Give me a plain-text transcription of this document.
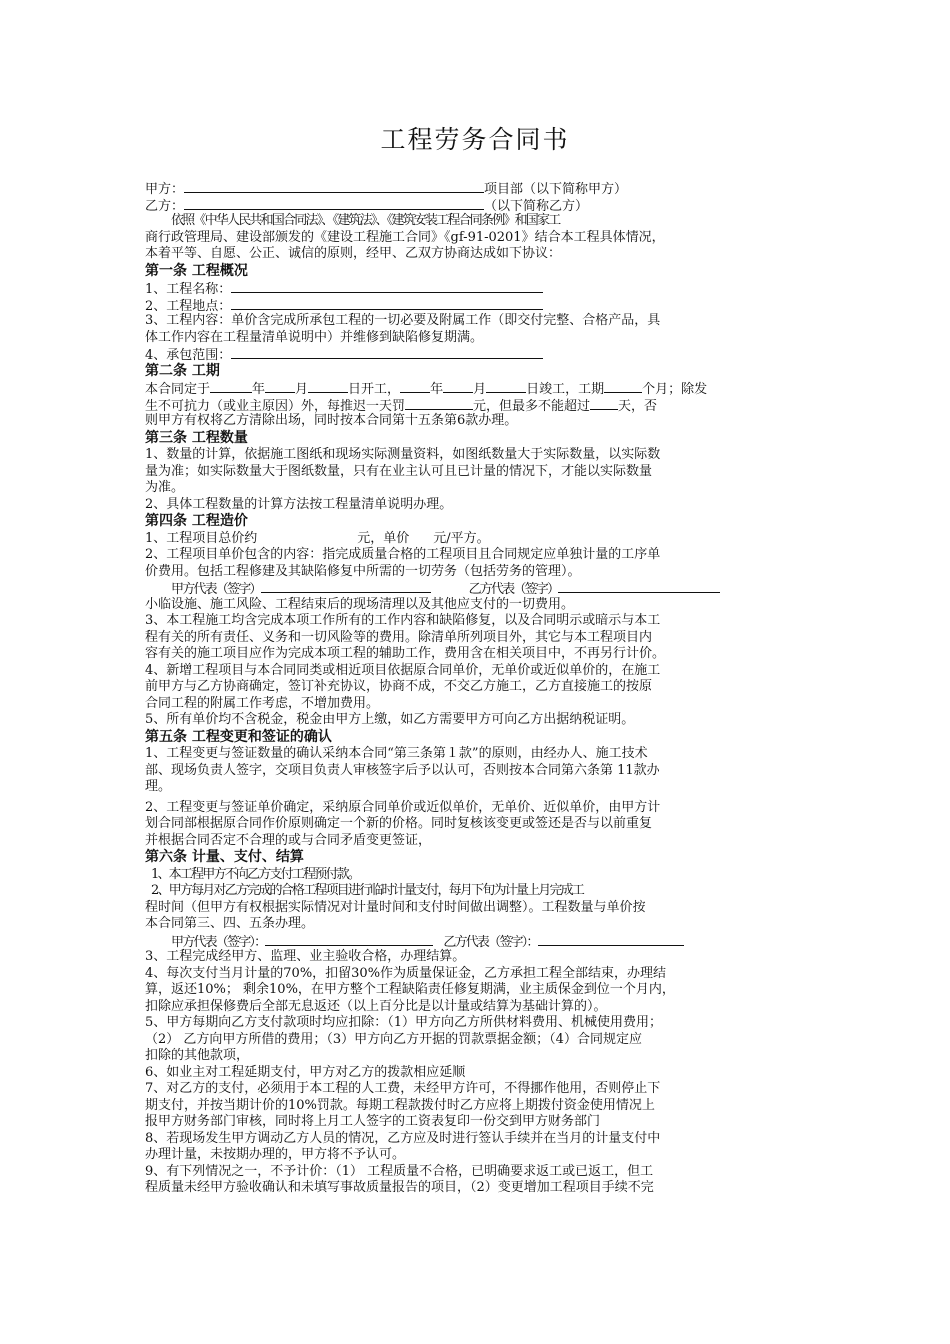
工程劳务合同书
甲方：	项目部（以下简称甲方）
乙方：	（以下简称乙方）
依照《中华人民共和国合同法》、《建筑法》、《建筑安装工程合同条例》和国家工
商行政管理局、建设部颁发的《建设工程施工合同》《gf-91-0201》结合本工程具体情况，
本着平等、自愿、公正、诚信的原则，经甲、乙双方协商达成如下协议：
第一条 工程概况
1、工程名称：
2、工程地点：
3、工程内容：单价含完成所承包工程的一切必要及附属工作（即交付完整、合格产品，具
体工作内容在工程量清单说明中）并维修到缺陷修复期满。
4、承包范围：
第二条 工期
本合同定于	年 月	日开工， 年 月	日竣工，工期	个月；除发
生不可抗力（或业主原因）外，每推迟一天罚	元，但最多不能超过 天，否
则甲方有权将乙方清除出场，同时按本合同第十五条第6款办理。
第三条 工程数量
1、数量的计算，依据施工图纸和现场实际测量资料，如图纸数量大于实际数量，以实际数
量为准；如实际数量大于图纸数量，只有在业主认可且已计量的情况下，才能以实际数量
为准。
2、具体工程数量的计算方法按工程量清单说明办理。
第四条 工程造价
1、工程项目总价约	元，单价 元/平方。
2、工程项目单价包含的内容：指完成质量合格的工程项目且合同规定应单独计量的工序单
价费用。包括工程修建及其缺陷修复中所需的一切劳务（包括劳务的管理）。
甲方代表（签字）	乙方代表（签字）
小临设施、施工风险、工程结束后的现场清理以及其他应支付的一切费用。
3、本工程施工均含完成本项工作所有的工作内容和缺陷修复，以及合同明示或暗示与本工
程有关的所有责任、义务和一切风险等的费用。除清单所列项目外，其它与本工程项目内
容有关的施工项目应作为完成本项工程的辅助工作，费用含在相关项目中，不再另行计价。
4、新增工程项目与本合同同类或相近项目依据原合同单价，无单价或近似单价的，在施工
前甲方与乙方协商确定，签订补充协议，协商不成，不交乙方施工，乙方直接施工的按原
合同工程的附属工作考虑，不增加费用。
5、所有单价均不含税金，税金由甲方上缴，如乙方需要甲方可向乙方出据纳税证明。
第五条 工程变更和签证的确认
1、工程变更与签证数量的确认采纳本合同“第三条第１款”的原则，由经办人、施工技术
部、现场负责人签字，交项目负责人审核签字后予以认可，否则按本合同第六条第 11款办
理。
2、工程变更与签证单价确定，采纳原合同单价或近似单价，无单价、近似单价，由甲方计
划合同部根据原合同作价原则确定一个新的价格。同时复核该变更或签还是否与以前重复
并根据合同否定不合理的或与合同矛盾变更签证，
第六条 计量、支付、结算
1、本工程甲方不向乙方支付工程预付款。
2、甲方每月对乙方完成的合格工程项目进行临时计量支付，每月下旬为计量上月完成工
程时间（但甲方有权根据实际情况对计量时间和支付时间做出调整）。工程数量与单价按
本合同第三、四、五条办理。
甲方代表（签字）：	乙方代表（签字）：
3、工程完成经甲方、监理、业主验收合格，办理结算。
4、每次支付当月计量的70%，扣留30%作为质量保证金，乙方承担工程全部结束，办理结
算，返还10%； 剩余10%，在甲方整个工程缺陷责任修复期满，业主质保金到位一个月内，
扣除应承担保修费后全部无息返还（以上百分比是以计量或结算为基础计算的）。
5、甲方每期向乙方支付款项时均应扣除：（1）甲方向乙方所供材料费用、机械使用费用；
（2） 乙方向甲方所借的费用；（3）甲方向乙方开据的罚款票据金额；（4）合同规定应
扣除的其他款项，
6、如业主对工程延期支付，甲方对乙方的拨款相应延顺
7、对乙方的支付，必须用于本工程的人工费，未经甲方许可，不得挪作他用，否则停止下
期支付，并按当期计价的10%罚款。每期工程款拨付时乙方应将上期拨付资金使用情况上
报甲方财务部门审核，同时将上月工人签字的工资表复印一份交到甲方财务部门
8、若现场发生甲方调动乙方人员的情况，乙方应及时进行签认手续并在当月的计量支付中
办理计量，未按期办理的，甲方将不予认可。
9、有下列情况之一，不予计价：（1） 工程质量不合格，已明确要求返工或已返工，但工
程质量未经甲方验收确认和未填写事故质量报告的项目，（2）变更增加工程项目手续不完
